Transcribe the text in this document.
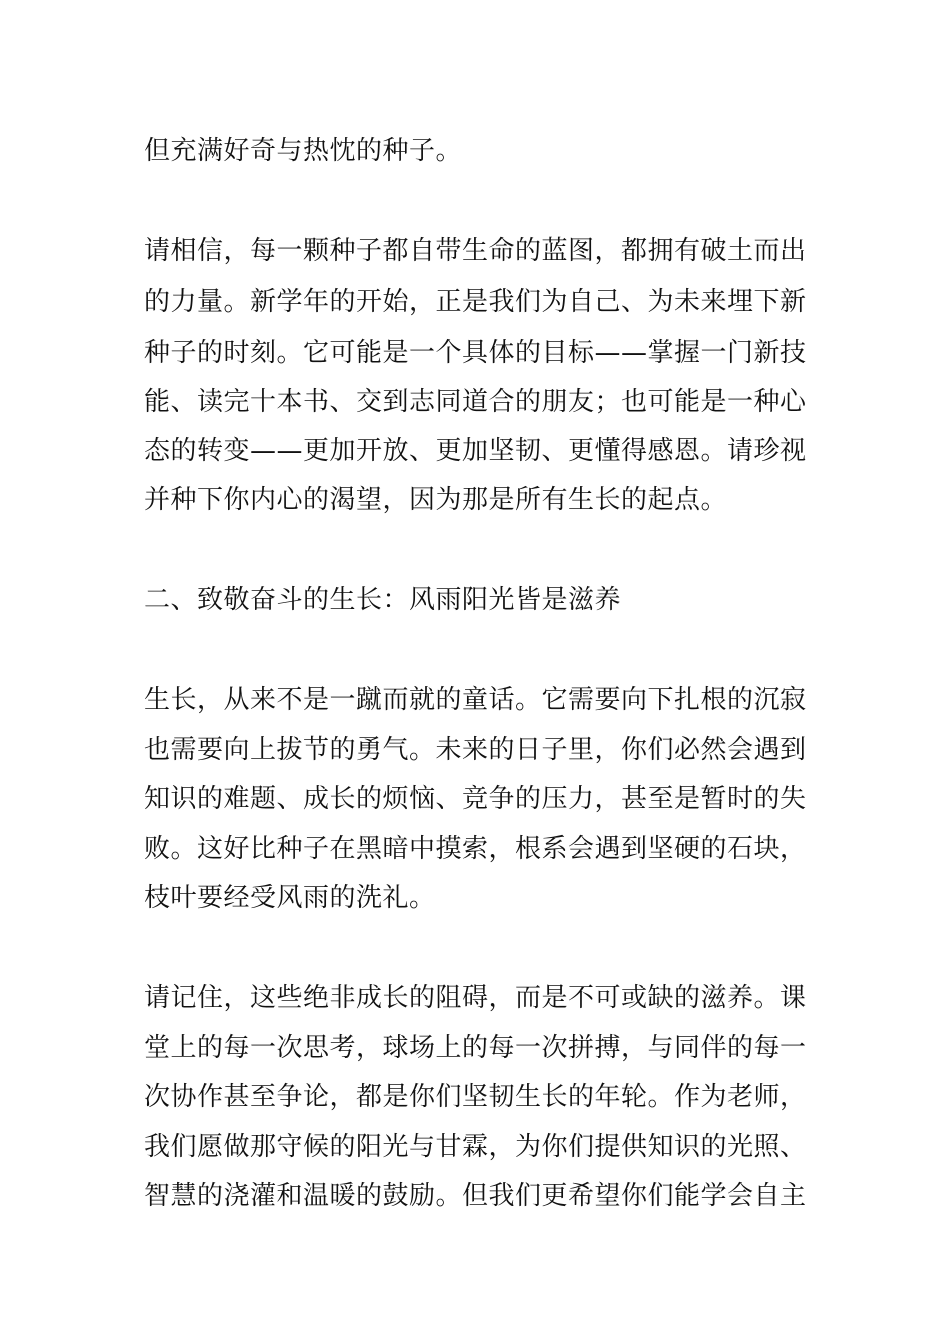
但充满好奇与热忱的种子。
请相信，每一颗种子都自带生命的蓝图，都拥有破土而出
的力量。新学年的开始，正是我们为自己、为未来埋下新
种子的时刻。它可能是一个具体的目标——掌握一门新技
能、读完十本书、交到志同道合的朋友；也可能是一种心
态的转变——更加开放、更加坚韧、更懂得感恩。请珍视
并种下你内心的渴望，因为那是所有生长的起点。
二、致敬奋斗的生长：风雨阳光皆是滋养
生长，从来不是一蹴而就的童话。它需要向下扎根的沉寂
也需要向上拔节的勇气。未来的日子里，你们必然会遇到
知识的难题、成长的烦恼、竞争的压力，甚至是暂时的失
败。这好比种子在黑暗中摸索，根系会遇到坚硬的石块，
枝叶要经受风雨的洗礼。
请记住，这些绝非成长的阻碍，而是不可或缺的滋养。课
堂上的每一次思考，球场上的每一次拼搏，与同伴的每一
次协作甚至争论，都是你们坚韧生长的年轮。作为老师，
我们愿做那守候的阳光与甘霖，为你们提供知识的光照、
智慧的浇灌和温暖的鼓励。但我们更希望你们能学会自主
